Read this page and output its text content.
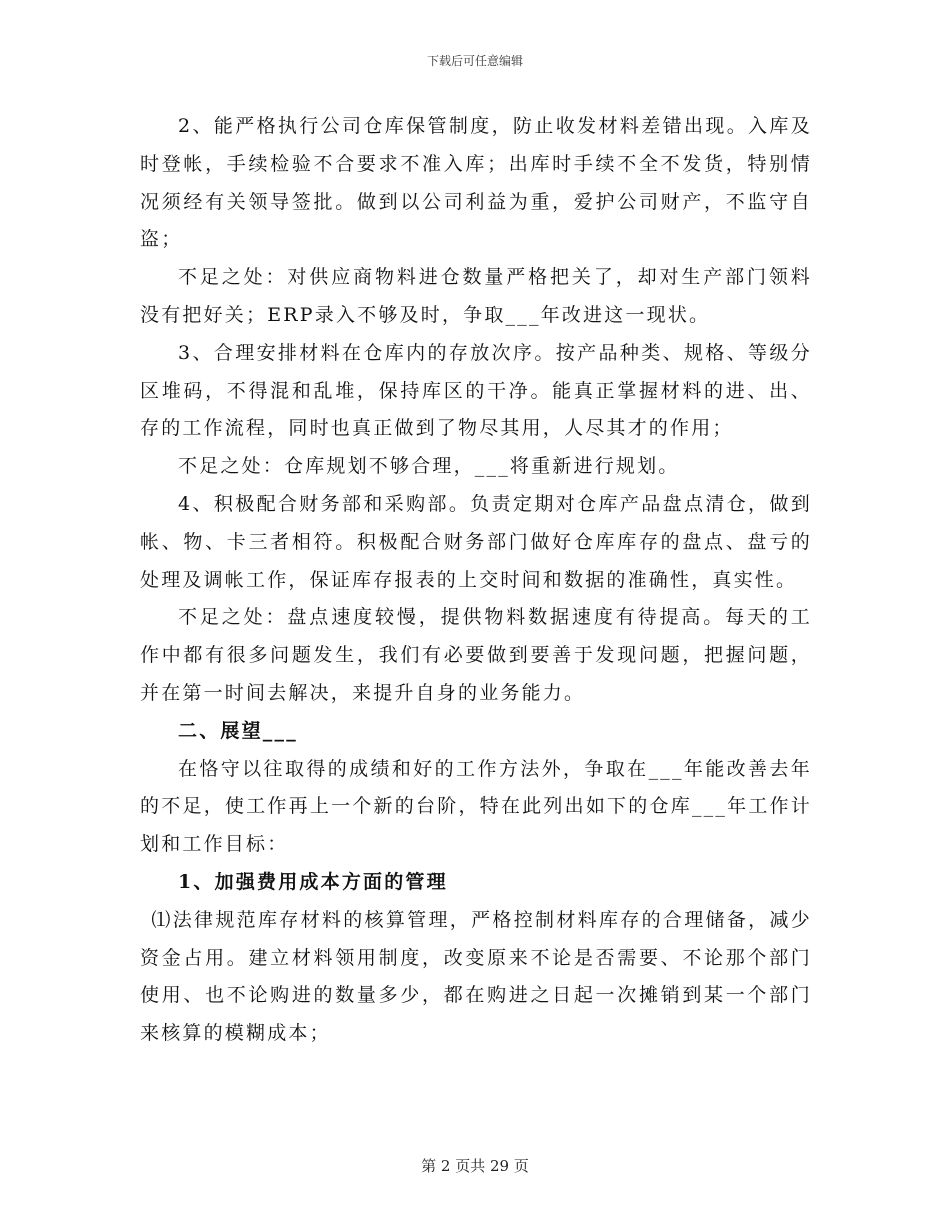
下载后可任意编辑

2、能严格执行公司仓库保管制度，防止收发材料差错出现。入库及时登帐，手续检验不合要求不准入库；出库时手续不全不发货，特别情况须经有关领导签批。做到以公司利益为重，爱护公司财产，不监守自盗；

不足之处：对供应商物料进仓数量严格把关了，却对生产部门领料没有把好关；ERP录入不够及时，争取___年改进这一现状。

3、合理安排材料在仓库内的存放次序。按产品种类、规格、等级分区堆码，不得混和乱堆，保持库区的干净。能真正掌握材料的进、出、存的工作流程，同时也真正做到了物尽其用，人尽其才的作用；

不足之处：仓库规划不够合理，___将重新进行规划。

4、积极配合财务部和采购部。负责定期对仓库产品盘点清仓，做到帐、物、卡三者相符。积极配合财务部门做好仓库库存的盘点、盘亏的处理及调帐工作，保证库存报表的上交时间和数据的准确性，真实性。

不足之处：盘点速度较慢，提供物料数据速度有待提高。每天的工作中都有很多问题发生，我们有必要做到要善于发现问题，把握问题，并在第一时间去解决，来提升自身的业务能力。

二、展望___

在恪守以往取得的成绩和好的工作方法外，争取在___年能改善去年的不足，使工作再上一个新的台阶，特在此列出如下的仓库___年工作计划和工作目标：

1、加强费用成本方面的管理

⑴法律规范库存材料的核算管理，严格控制材料库存的合理储备，减少资金占用。建立材料领用制度，改变原来不论是否需要、不论那个部门使用、也不论购进的数量多少，都在购进之日起一次摊销到某一个部门来核算的模糊成本；

第 2 页共 29 页
